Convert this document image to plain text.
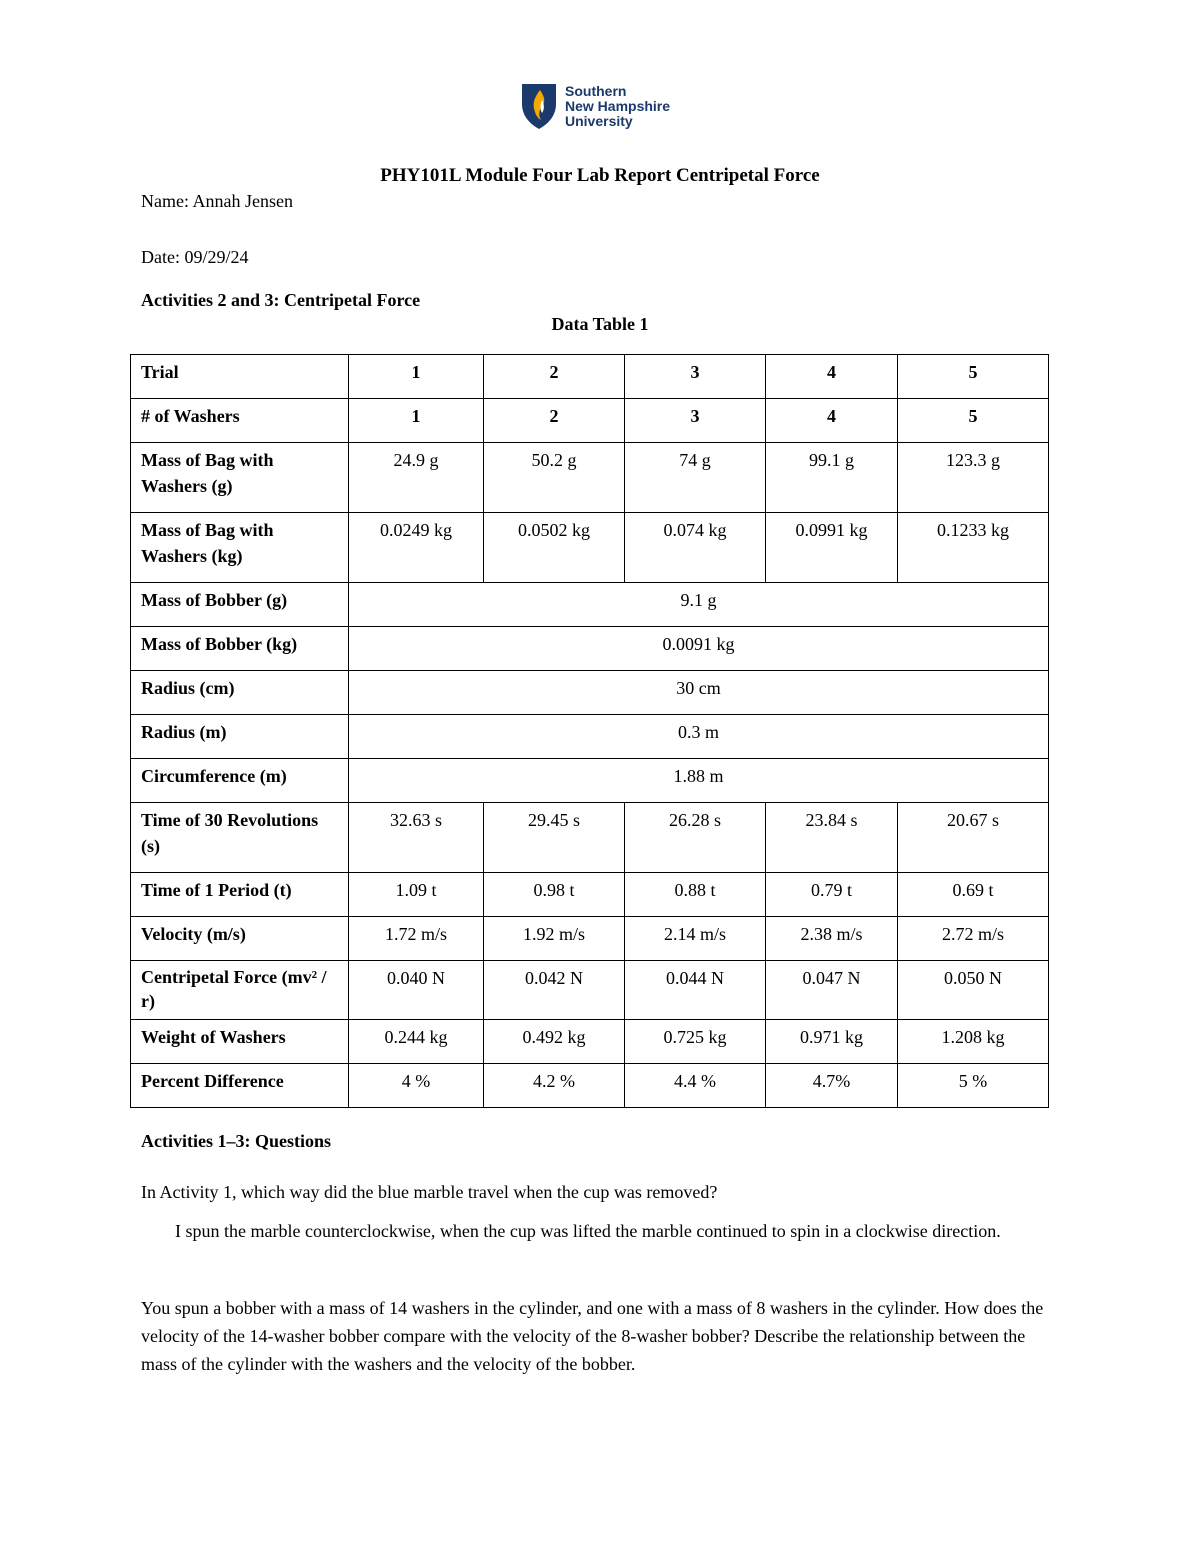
Southern
New Hampshire
University
PHY101L Module Four Lab Report Centripetal Force
Name: Annah Jensen
Date: 09/29/24
Activities 2 and 3: Centripetal Force
Data Table 1
Trial	1	2	3	4	5
# of Washers	1	2	3	4	5
Mass of Bag with Washers (g)	24.9 g	50.2 g	74 g	99.1 g	123.3 g
Mass of Bag with Washers (kg)	0.0249 kg	0.0502 kg	0.074 kg	0.0991 kg	0.1233 kg
Mass of Bobber (g)	9.1 g				
Mass of Bobber (kg)	0.0091 kg				
Radius (cm)	30 cm				
Radius (m)	0.3 m				
Circumference (m)	1.88 m				
Time of 30 Revolutions (s)	32.63 s	29.45 s	26.28 s	23.84 s	20.67 s
Time of 1 Period (t)	1.09 t	0.98 t	0.88 t	0.79 t	0.69 t
Velocity (m/s)	1.72 m/s	1.92 m/s	2.14 m/s	2.38 m/s	2.72 m/s
Centripetal Force (mv² / r)	0.040 N	0.042 N	0.044 N	0.047 N	0.050 N
Weight of Washers	0.244 kg	0.492 kg	0.725 kg	0.971 kg	1.208 kg
Percent Difference	4 %	4.2 %	4.4 %	4.7%	5 %
Activities 1–3: Questions
In Activity 1, which way did the blue marble travel when the cup was removed?
I spun the marble counterclockwise, when the cup was lifted the marble continued to spin in a clockwise direction.
You spun a bobber with a mass of 14 washers in the cylinder, and one with a mass of 8 washers in the cylinder. How does the velocity of the 14-washer bobber compare with the velocity of the 8-washer bobber? Describe the relationship between the mass of the cylinder with the washers and the velocity of the bobber.
